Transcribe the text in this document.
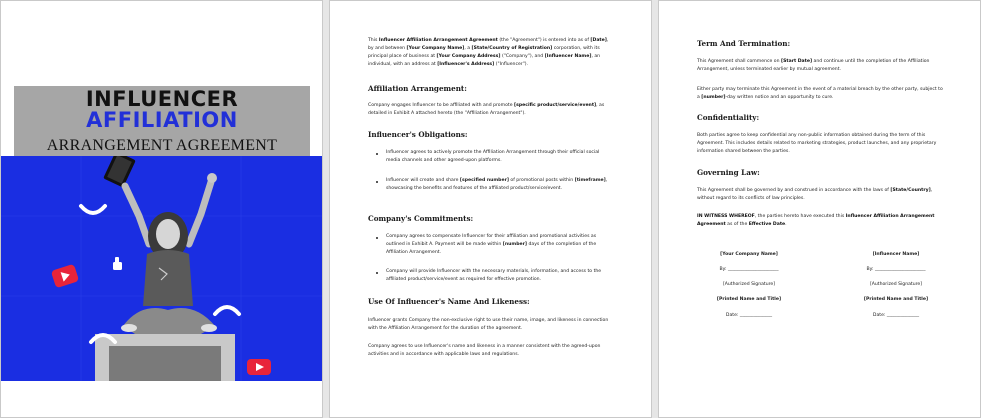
INFLUENCER
AFFILIATION
ARRANGEMENT AGREEMENT
This Influencer Affiliation Arrangement Agreement (the "Agreement") is entered into as of [Date], by and between [Your Company Name], a [State/Country of Registration] corporation, with its principal place of business at [Your Company Address] ("Company"), and [Influencer Name], an individual, with an address at [Influencer's Address] ("Influencer").
Affiliation Arrangement:
Company engages Influencer to be affiliated with and promote [specific product/service/event], as detailed in Exhibit A attached hereto (the "Affiliation Arrangement").
Influencer's Obligations:
Influencer agrees to actively promote the Affiliation Arrangement through their official social media channels and other agreed-upon platforms.
Influencer will create and share [specified number] of promotional posts within [timeframe], showcasing the benefits and features of the affiliated product/service/event.
Company's Commitments:
Company agrees to compensate Influencer for their affiliation and promotional activities as outlined in Exhibit A. Payment will be made within [number] days of the completion of the Affiliation Arrangement.
Company will provide Influencer with the necessary materials, information, and access to the affiliated product/service/event as required for effective promotion.
Use Of Influencer's Name And Likeness:
Influencer grants Company the non-exclusive right to use their name, image, and likeness in connection with the Affiliation Arrangement for the duration of the agreement.
Company agrees to use Influencer's name and likeness in a manner consistent with the agreed-upon activities and in accordance with applicable laws and regulations.
Term And Termination:
This Agreement shall commence on [Start Date] and continue until the completion of the Affiliation Arrangement, unless terminated earlier by mutual agreement.
Either party may terminate this Agreement in the event of a material breach by the other party, subject to a [number]-day written notice and an opportunity to cure.
Confidentiality:
Both parties agree to keep confidential any non-public information obtained during the term of this Agreement. This includes details related to marketing strategies, product launches, and any proprietary information shared between the parties.
Governing Law:
This Agreement shall be governed by and construed in accordance with the laws of [State/Country], without regard to its conflicts of law principles.
IN WITNESS WHEREOF, the parties hereto have executed this Influencer Affiliation Arrangement Agreement as of the Effective Date.
[Your Company Name]
By: ______________________
[Authorized Signature]
[Printed Name and Title]
Date: ______________
[Influencer Name]
By: ______________________
[Authorized Signature]
[Printed Name and Title]
Date: ______________
